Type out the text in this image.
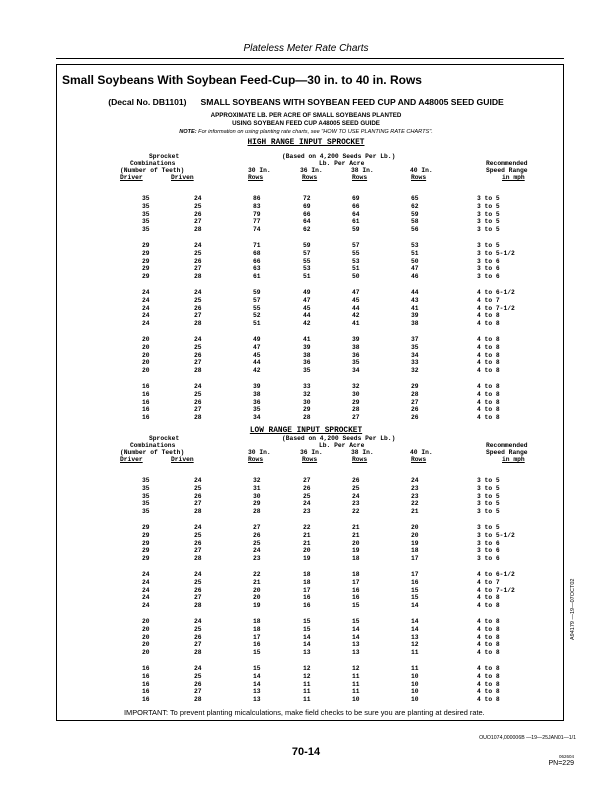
Plateless Meter Rate Charts
Small Soybeans With Soybean Feed-Cup—30 in. to 40 in. Rows
(Decal No. DB1101) SMALL SOYBEANS WITH SOYBEAN FEED CUP AND A48005 SEED GUIDE
APPROXIMATE LB. PER ACRE OF SMALL SOYBEANS PLANTED
USING SOYBEAN FEED CUP A48005 SEED GUIDE
NOTE: For information on using planting rate charts, see "HOW TO USE PLANTING RATE CHARTS".
HIGH RANGE INPUT SPROCKET
Sprocket
Combinations
(Number of Teeth)
Driver	Driven
(Based on 4,200 Seeds Per Lb.)
Lb. Per Acre
30 In.	36 In.	38 In.	40 In.
Rows	Rows	Rows	Rows
Recommended
Speed Range
in mph
35	24	86	72	69	65	3 to 5
35	25	83	69	66	62	3 to 5
35	26	79	66	64	59	3 to 5
35	27	77	64	61	58	3 to 5
35	28	74	62	59	56	3 to 5
29	24	71	59	57	53	3 to 5
29	25	68	57	55	51	3 to 5-1/2
29	26	66	55	53	50	3 to 6
29	27	63	53	51	47	3 to 6
29	28	61	51	50	46	3 to 6
24	24	59	49	47	44	4 to 6-1/2
24	25	57	47	45	43	4 to 7
24	26	55	45	44	41	4 to 7-1/2
24	27	52	44	42	39	4 to 8
24	28	51	42	41	38	4 to 8
20	24	49	41	39	37	4 to 8
20	25	47	39	38	35	4 to 8
20	26	45	38	36	34	4 to 8
20	27	44	36	35	33	4 to 8
20	28	42	35	34	32	4 to 8
16	24	39	33	32	29	4 to 8
16	25	38	32	30	28	4 to 8
16	26	36	30	29	27	4 to 8
16	27	35	29	28	26	4 to 8
16	28	34	28	27	26	4 to 8
LOW RANGE INPUT SPROCKET
Sprocket
Combinations
(Number of Teeth)
Driver	Driven
(Based on 4,200 Seeds Per Lb.)
Lb. Per Acre
30 In.	36 In.	38 In.	40 In.
Rows	Rows	Rows	Rows
Recommended
Speed Range
in mph
35	24	32	27	26	24	3 to 5
35	25	31	26	25	23	3 to 5
35	26	30	25	24	23	3 to 5
35	27	29	24	23	22	3 to 5
35	28	28	23	22	21	3 to 5
29	24	27	22	21	20	3 to 5
29	25	26	21	21	20	3 to 5-1/2
29	26	25	21	20	19	3 to 6
29	27	24	20	19	18	3 to 6
29	28	23	19	18	17	3 to 6
24	24	22	18	18	17	4 to 6-1/2
24	25	21	18	17	16	4 to 7
24	26	20	17	16	15	4 to 7-1/2
24	27	20	16	16	15	4 to 8
24	28	19	16	15	14	4 to 8
20	24	18	15	15	14	4 to 8
20	25	18	15	14	14	4 to 8
20	26	17	14	14	13	4 to 8
20	27	16	14	13	12	4 to 8
20	28	15	13	13	11	4 to 8
16	24	15	12	12	11	4 to 8
16	25	14	12	11	10	4 to 8
16	26	14	11	11	10	4 to 8
16	27	13	11	11	10	4 to 8
16	28	13	11	10	10	4 to 8
IMPORTANT: To prevent planting micalculations, make field checks to be sure you are planting at desired rate.
A94179 —19—07OCT02
OUO1074,000006B —19—25JAN01—1/1
70-14	062604
PN=229
